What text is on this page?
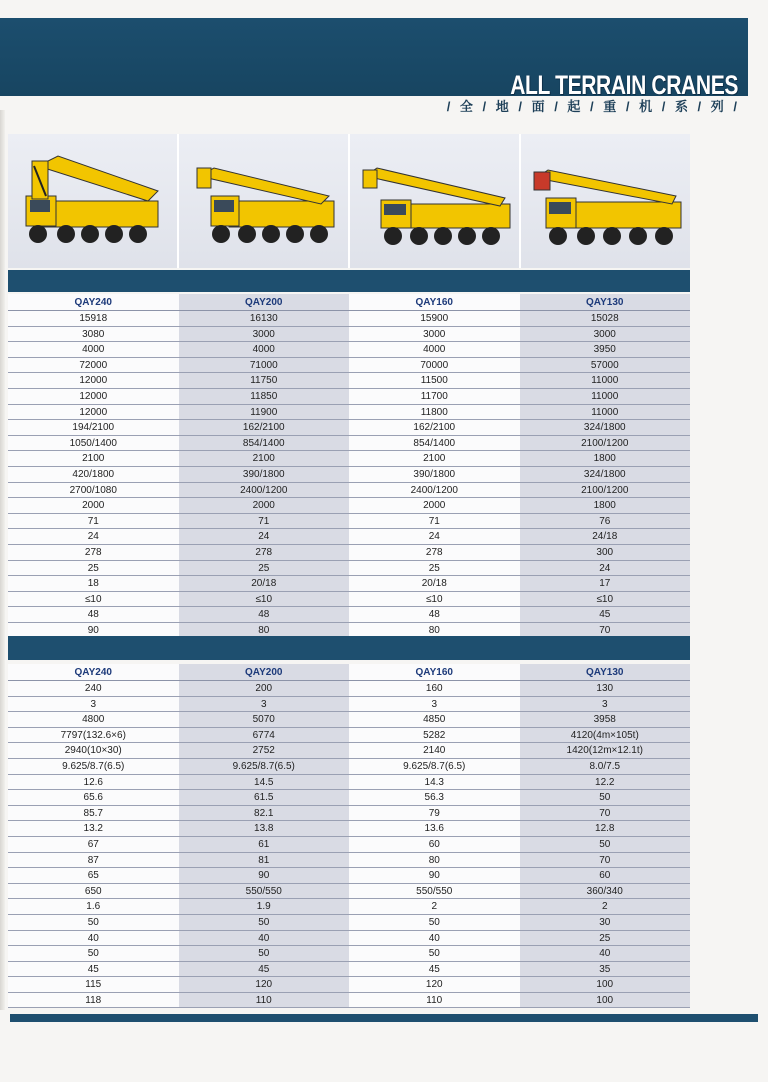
ALL TERRAIN CRANES
/ 全 / 地 / 面 / 起 / 重 / 机 / 系 / 列 /
QAY240
15918
3080
4000
72000
12000
12000
12000
194/2100
1050/1400
2100
420/1800
2700/1080
2000
71
24
278
25
18
≤10
48
90
QAY200
16130
3000
4000
71000
11750
11850
11900
162/2100
854/1400
2100
390/1800
2400/1200
2000
71
24
278
25
20/18
≤10
48
80
QAY160
15900
3000
4000
70000
11500
11700
11800
162/2100
854/1400
2100
390/1800
2400/1200
2000
71
24
278
25
20/18
≤10
48
80
QAY130
15028
3000
3950
57000
11000
11000
11000
324/1800
2100/1200
1800
324/1800
2100/1200
1800
76
24/18
300
24
17
≤10
45
70
QAY240
240
3
4800
7797(132.6×6)
2940(10×30)
9.625/8.7(6.5)
12.6
65.6
85.7
13.2
67
87
65
650
1.6
50
40
50
45
115
118
QAY200
200
3
5070
6774
2752
9.625/8.7(6.5)
14.5
61.5
82.1
13.8
61
81
90
550/550
1.9
50
40
50
45
120
110
QAY160
160
3
4850
5282
2140
9.625/8.7(6.5)
14.3
56.3
79
13.6
60
80
90
550/550
2
50
40
50
45
120
110
QAY130
130
3
3958
4120(4m×105t)
1420(12m×12.1t)
8.0/7.5
12.2
50
70
12.8
50
70
60
360/340
2
30
25
40
35
100
100
